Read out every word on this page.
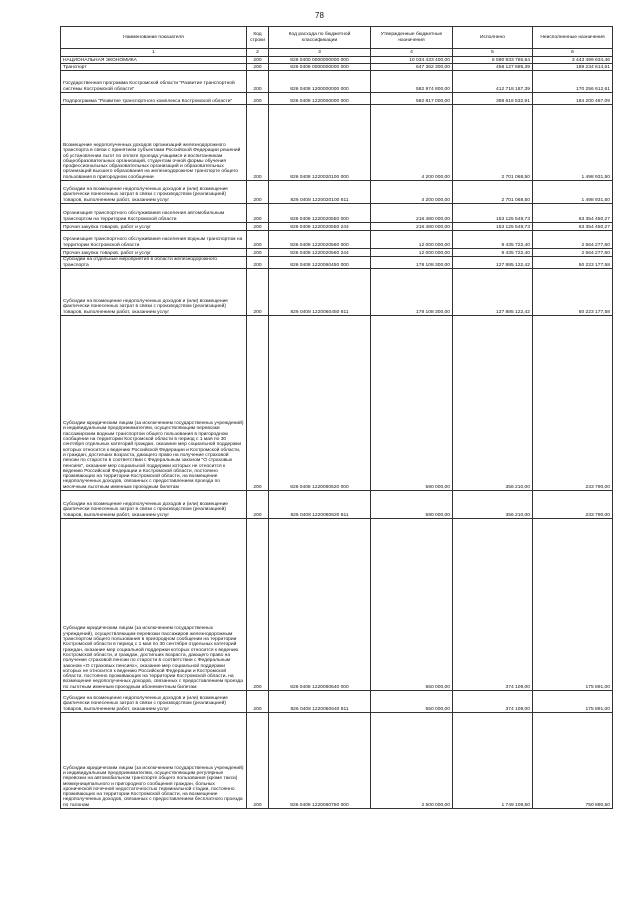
78
Наименование показателя	Код строки	Код расхода по бюджетной классификации	Утвержденные бюджетные назначения	Исполнено	Неисполненные назначения
1	2	3	4	5	6
НАЦИОНАЛЬНАЯ ЭКОНОМИКА	200	826 0400 0000000000 000	10 034 433 400,00	6 590 933 765,54	3 443 499 634,46
Транспорт	200	826 0408 0000000000 000	647 362 300,00	458 127 685,39	189 234 614,61
Государственная программа Костромской области "Развитие транспортной системы Костромской области"	200	826 0408 1200000000 000	582 974 800,00	412 718 187,39	170 256 612,61
Подпрограмма "Развитие транспортного комплекса Костромской области"	200	826 0408 1220000000 000	582 817 000,00	398 616 532,91	184 200 467,09
Возмещение недополученных доходов организаций железнодорожного транспорта в связи с принятием субъектами Российской Федерации решений об установлении льгот по оплате проезда учащимся и воспитанникам общеобразовательных организаций, студентам очной формы обучения профессиональных образовательных организаций и образовательных организаций высшего образования на железнодорожном транспорте общего пользования в пригородном сообщении	200	826 0408 1220020100 000	4 200 000,00	2 701 068,50	1 498 931,50
Субсидии на возмещение недополученных доходов и (или) возмещение фактически понесенных затрат в связи с производством (реализацией) товаров, выполнением работ, оказанием услуг	200	826 0408 1220020100 811	4 200 000,00	2 701 068,50	1 498 931,50
Организация транспортного обслуживания населения автомобильным транспортом на территории Костромской области	200	826 0408 1220020550 000	216 480 000,00	153 125 549,73	63 354 450,27
Прочая закупка товаров, работ и услуг	200	826 0408 1220020550 244	216 480 000,00	153 125 549,73	63 354 450,27
Организация транспортного обслуживания населения водным транспортом на территории Костромской области	200	826 0408 1220020560 000	12 000 000,00	9 435 722,40	2 564 277,60
Прочая закупка товаров, работ и услуг	200	826 0408 1220020560 244	12 000 000,00	9 435 722,40	2 564 277,60
Субсидии на отдельные мероприятия в области железнодорожного транспорта	200	826 0408 1220060450 000	178 108 300,00	127 885 122,42	50 223 177,58
Субсидии на возмещение недополученных доходов и (или) возмещение фактически понесенных затрат в связи с производством (реализацией) товаров, выполнением работ, оказанием услуг	200	826 0408 1220060450 811	178 108 300,00	127 885 122,42	50 223 177,58
Субсидии юридическим лицам (за исключением государственных учреждений) и индивидуальным предпринимателям, осуществляющим перевозки пассажирским водным транспортом общего пользования в пригородном сообщении на территории Костромской области в период с 1 мая по 30 сентября отдельных категорий граждан, оказание мер социальной поддержки которых относится к ведению Российской Федерации и Костромской области, и граждан, достигших возраста, дающего право на получение страховой пенсии по старости в соответствии с Федеральным законом "О страховых пенсиях", оказание мер социальной поддержки которых не относится к ведению Российской Федерации и Костромской области, постоянно проживающих на территории Костромской области, на возмещение недополученных доходов, связанных с предоставлением проезда по месячным льготным именным проездным билетам	200	826 0408 1220060620 000	590 000,00	356 210,00	233 790,00
Субсидии на возмещение недополученных доходов и (или) возмещение фактически понесенных затрат в связи с производством (реализацией) товаров, выполнением работ, оказанием услуг	200	826 0408 1220060620 811	590 000,00	356 210,00	233 790,00
Субсидии юридическим лицам (за исключением государственных учреждений), осуществляющим перевозки пассажиров железнодорожным транспортом общего пользования в пригородном сообщении на территории Костромской области в период с 1 мая по 30 сентября отдельных категорий граждан, оказание мер социальной поддержки которых относится к ведению Костромской области, и граждан, достигших возраста, дающего право на получение страховой пенсии по старости в соответствии с Федеральным законом «О страховых пенсиях», оказание мер социальной поддержки которых не относится к ведению Российской Федерации и Костромской области, постоянно проживающих на территории Костромской области, на возмещение недополученных доходов, связанных с предоставлением проезда по льготным именным проездным абонементным билетам	200	826 0408 1220060640 000	550 000,00	374 109,00	175 891,00
Субсидии на возмещение недополученных доходов и (или) возмещение фактически понесенных затрат в связи с производством (реализацией) товаров, выполнением работ, оказанием услуг	200	826 0408 1220060640 811	550 000,00	374 109,00	175 891,00
Субсидии юридическим лицам (за исключением государственных учреждений) и индивидуальным предпринимателям, осуществляющим регулярные перевозки на автомобильном транспорте общего пользования (кроме такси) межмуниципального и пригородного сообщения граждан, больных хронической почечной недостаточностью терминальной стадии, постоянно проживающих на территории Костромской области, на возмещение недополученных доходов, связанных с предоставлением бесплатного проезда по талонам	200	826 0408 1220060750 000	2 500 000,00	1 749 109,50	750 890,50
